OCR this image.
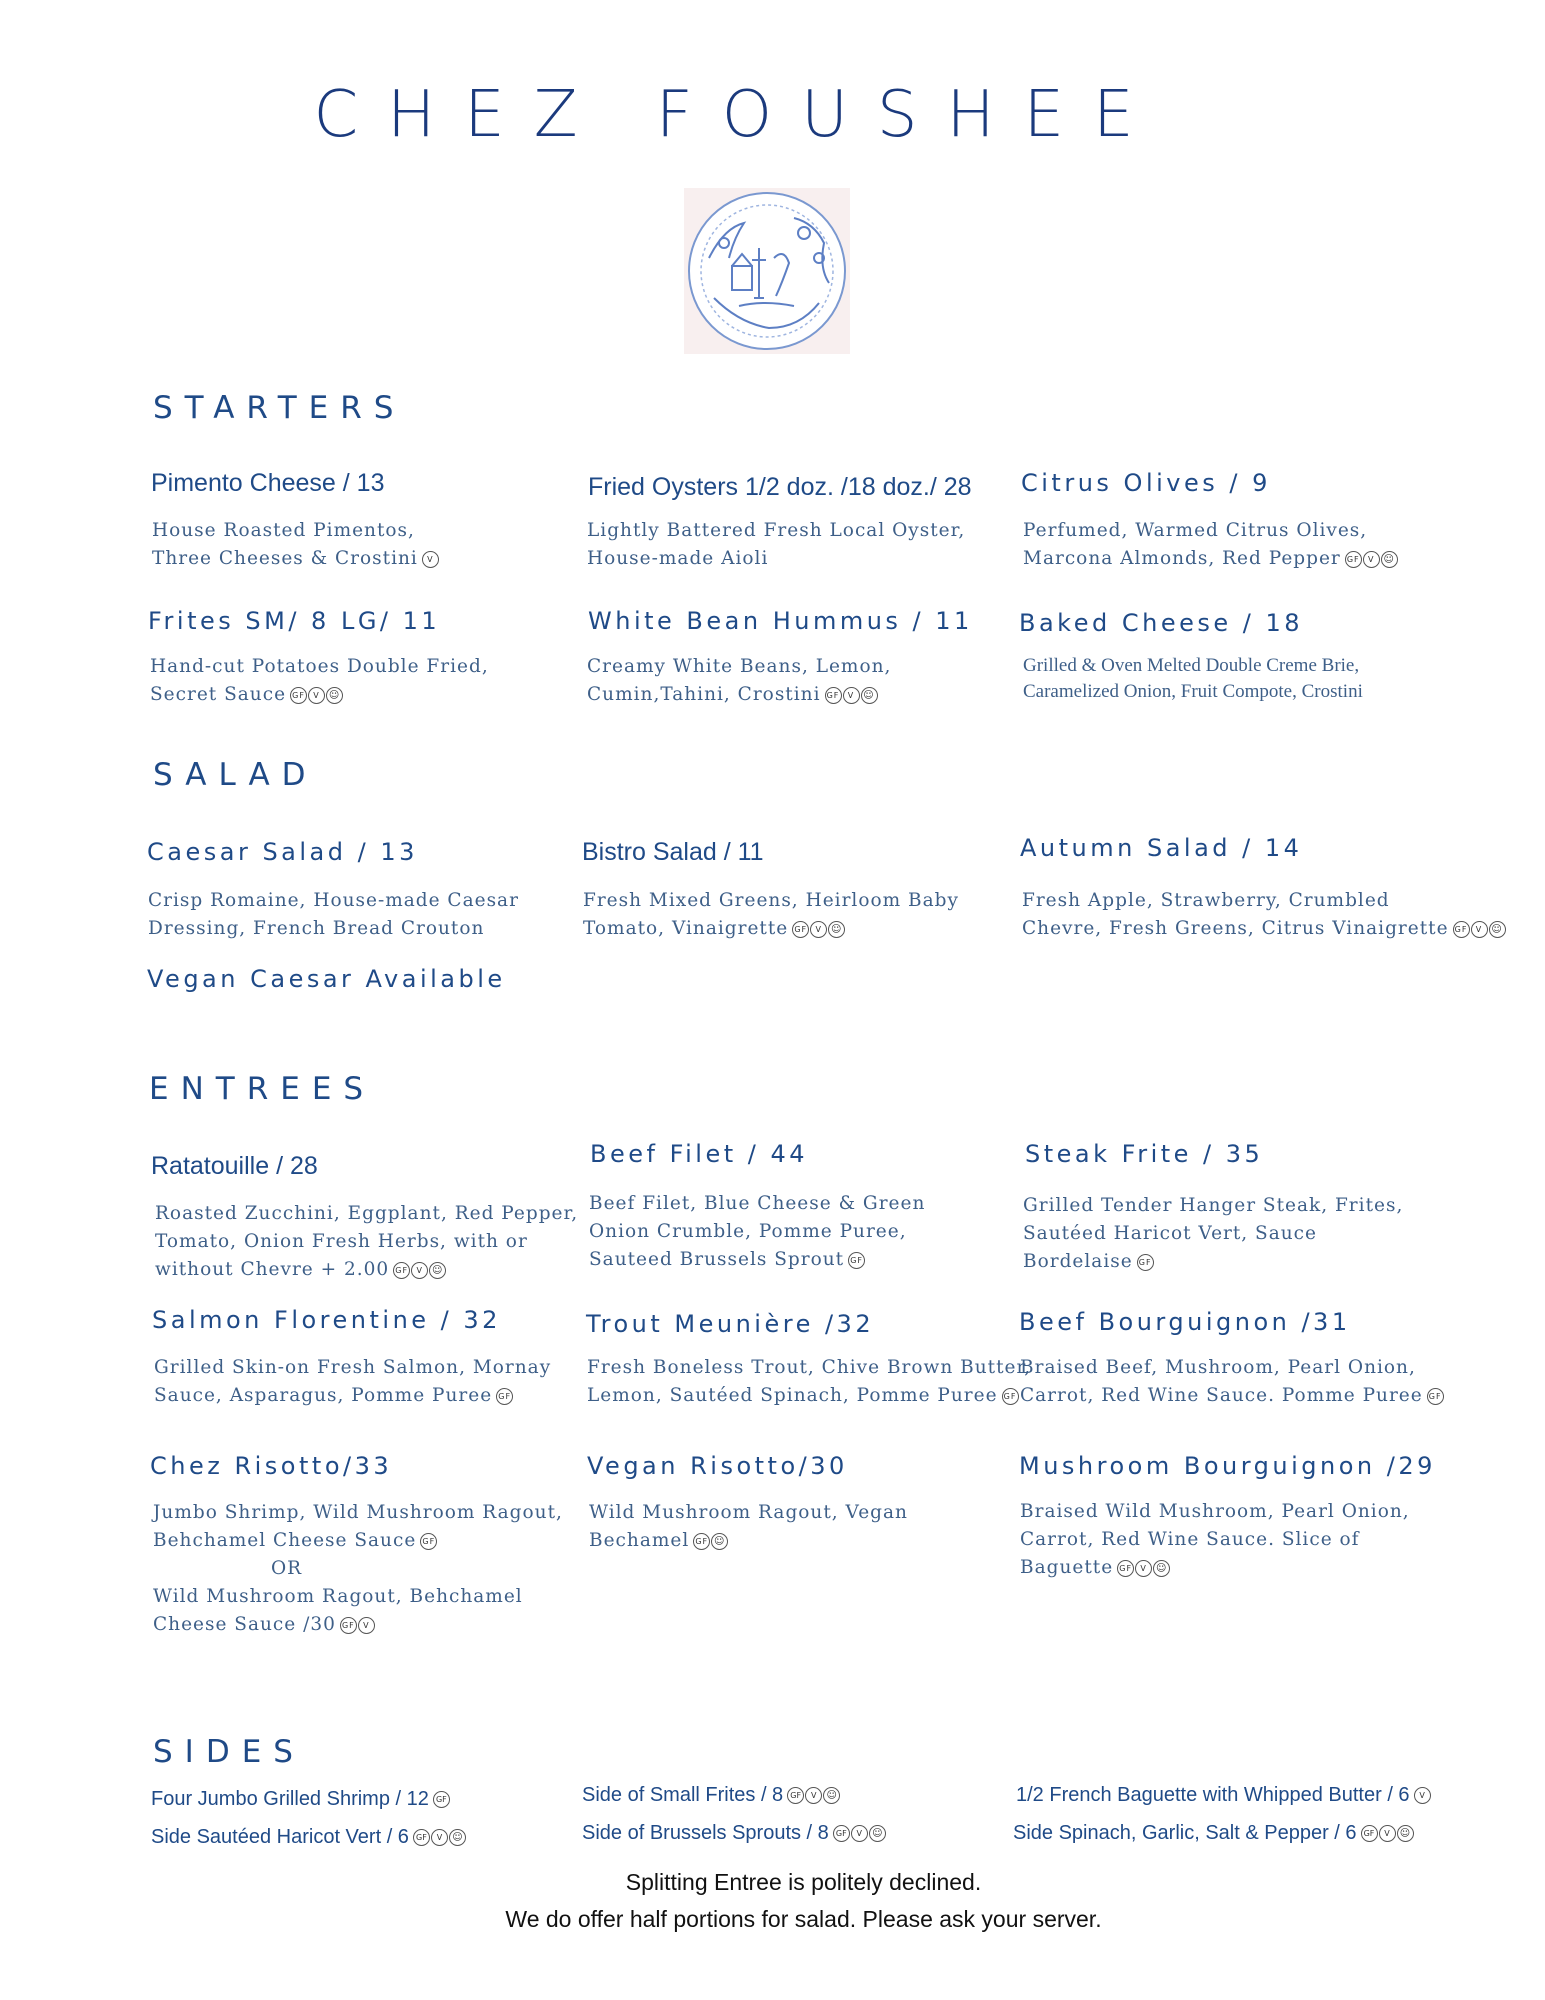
CHEZ FOUSHEE
STARTERS
Pimento Cheese / 13
House Roasted Pimentos,
Three Cheeses & Crostini V
Fried Oysters 1/2 doz. /18 doz./ 28
Lightly Battered Fresh Local Oyster,
House-made Aioli
Citrus Olives / 9
Perfumed, Warmed Citrus Olives,
Marcona Almonds, Red Pepper GF V ☺
Frites SM/ 8 LG/ 11
Hand-cut Potatoes Double Fried,
Secret Sauce GF V ☺
White Bean Hummus / 11
Creamy White Beans, Lemon,
Cumin,Tahini, Crostini GF V ☺
Baked Cheese / 18
Grilled & Oven Melted Double Creme Brie,
Caramelized Onion, Fruit Compote, Crostini
SALAD
Caesar Salad / 13
Crisp Romaine, House-made Caesar
Dressing, French Bread Crouton
Bistro Salad / 11
Fresh Mixed Greens, Heirloom Baby
Tomato, Vinaigrette GF V ☺
Autumn Salad / 14
Fresh Apple, Strawberry, Crumbled
Chevre, Fresh Greens, Citrus Vinaigrette GF V ☺
Vegan Caesar Available
ENTREES
Ratatouille / 28
Roasted Zucchini, Eggplant, Red Pepper,
Tomato, Onion Fresh Herbs, with or
without Chevre + 2.00 GF V ☺
Beef Filet / 44
Beef Filet, Blue Cheese & Green
Onion Crumble, Pomme Puree,
Sauteed Brussels Sprout GF
Steak Frite / 35
Grilled Tender Hanger Steak, Frites,
Sautéed Haricot Vert, Sauce
Bordelaise GF
Salmon Florentine / 32
Grilled Skin-on Fresh Salmon, Mornay
Sauce, Asparagus, Pomme Puree GF
Trout Meunière /32
Fresh Boneless Trout, Chive Brown Butter,
Lemon, Sautéed Spinach, Pomme Puree GF
Beef Bourguignon /31
Braised Beef, Mushroom, Pearl Onion,
Carrot, Red Wine Sauce. Pomme Puree GF
Chez Risotto/33
Jumbo Shrimp, Wild Mushroom Ragout,
Behchamel Cheese Sauce GF
OR
Wild Mushroom Ragout, Behchamel
Cheese Sauce /30 GF V
Vegan Risotto/30
Wild Mushroom Ragout, Vegan
Bechamel GF ☺
Mushroom Bourguignon /29
Braised Wild Mushroom, Pearl Onion,
Carrot, Red Wine Sauce. Slice of
Baguette GF V ☺
SIDES
Four Jumbo Grilled Shrimp / 12 GF	Side of Small Frites / 8 GF V ☺	1/2 French Baguette with Whipped Butter / 6 V
Side Sautéed Haricot Vert / 6 GF V ☺	Side of Brussels Sprouts / 8 GF V ☺	Side Spinach, Garlic, Salt & Pepper / 6 GF V ☺
Splitting Entree is politely declined.
We do offer half portions for salad. Please ask your server.
